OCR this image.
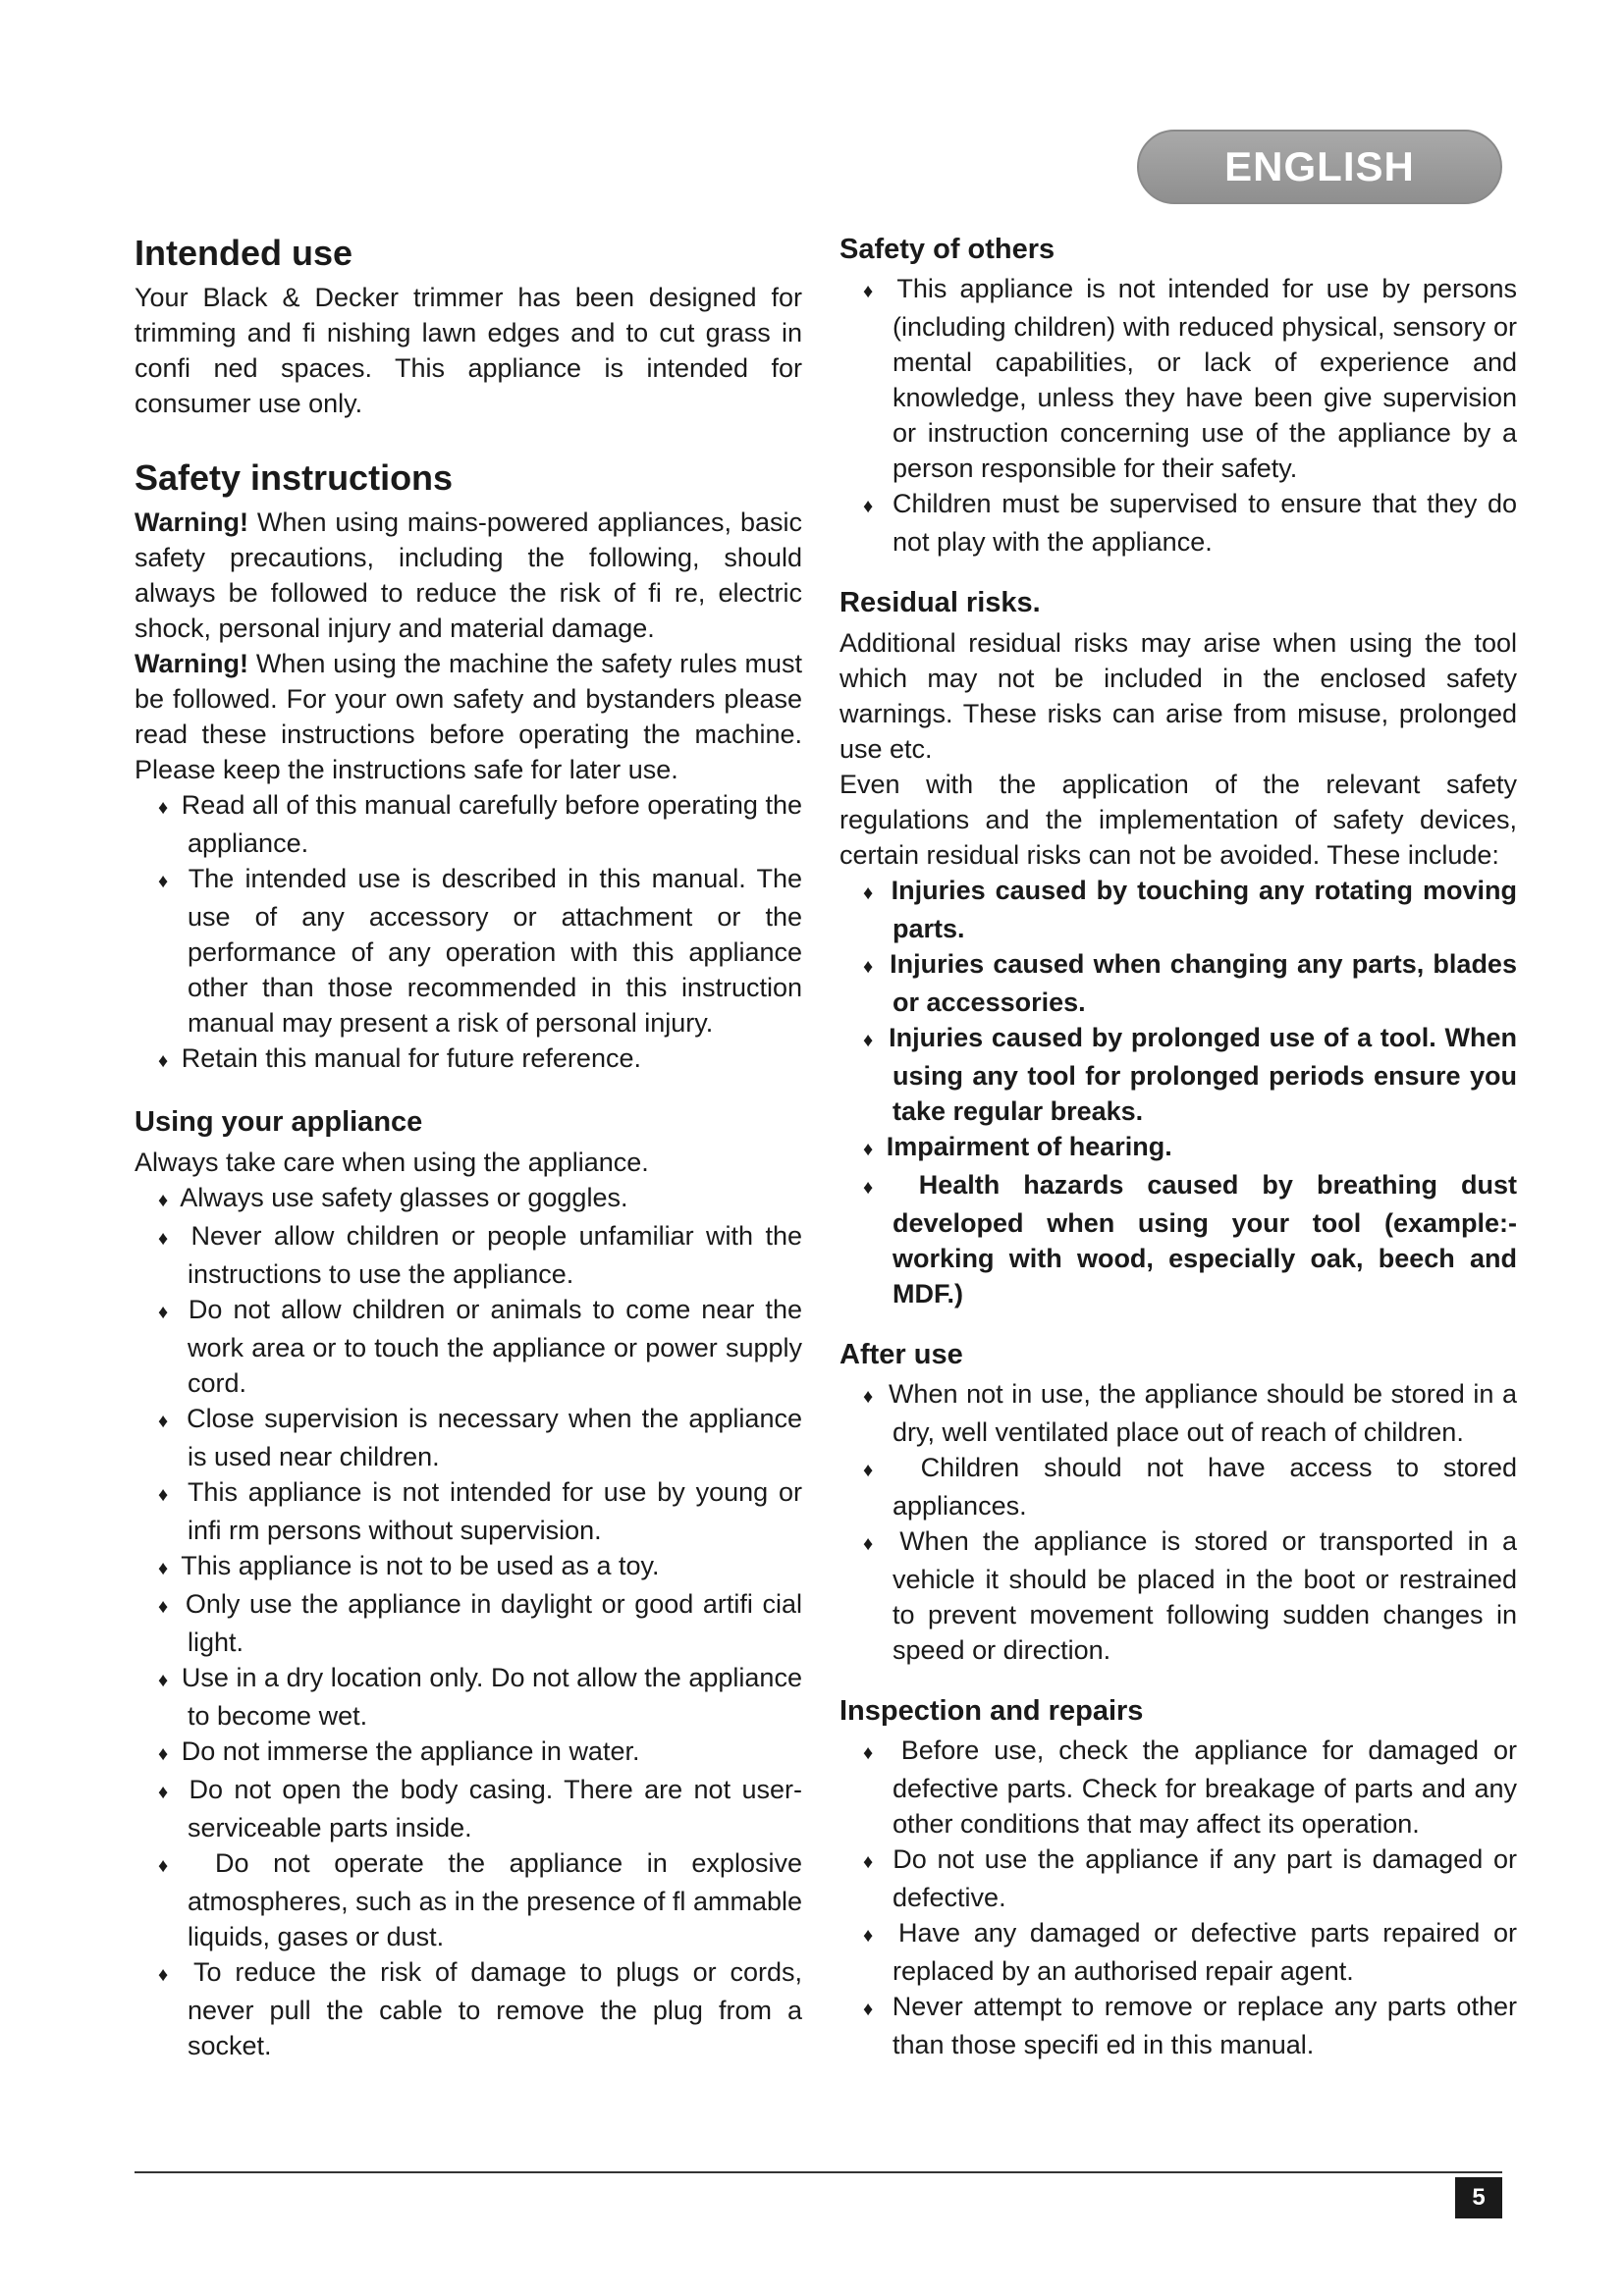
ENGLISH
Intended use

Your Black & Decker trimmer has been designed for trimming and fi nishing lawn edges and to cut grass in confi ned spaces. This appliance is intended for consumer use only.

Safety instructions

Warning! When using mains-powered appliances, basic safety precautions, including the following, should always be followed to reduce the risk of fi re, electric shock, personal injury and material damage.

Warning! When using the machine the safety rules must be followed. For your own safety and bystanders please read these instructions before operating the machine. Please keep the instructions safe for later use.

♦ Read all of this manual carefully before operating the appliance.
♦ The intended use is described in this manual. The use of any accessory or attachment or the performance of any operation with this appliance other than those recommended in this instruction manual may present a risk of personal injury.
♦ Retain this manual for future reference.
Using your appliance

Always take care when using the appliance.

♦ Always use safety glasses or goggles.
♦ Never allow children or people unfamiliar with the instructions to use the appliance.
♦ Do not allow children or animals to come near the work area or to touch the appliance or power supply cord.
♦ Close supervision is necessary when the appliance is used near children.
♦ This appliance is not intended for use by young or infi rm persons without supervision.
♦ This appliance is not to be used as a toy.
♦ Only use the appliance in daylight or good artifi cial light.
♦ Use in a dry location only. Do not allow the appliance to become wet.
♦ Do not immerse the appliance in water.
♦ Do not open the body casing. There are not user-serviceable parts inside.
♦ Do not operate the appliance in explosive atmospheres, such as in the presence of fl ammable liquids, gases or dust.
♦ To reduce the risk of damage to plugs or cords, never pull the cable to remove the plug from a socket.
Safety of others
♦ This appliance is not intended for use by persons (including children) with reduced physical, sensory or mental capabilities, or lack of experience and knowledge, unless they have been give supervision or instruction concerning use of the appliance by a person responsible for their safety.
♦ Children must be supervised to ensure that they do not play with the appliance.
Residual risks.

Additional residual risks may arise when using the tool which may not be included in the enclosed safety warnings. These risks can arise from misuse, prolonged use etc.

Even with the application of the relevant safety regulations and the implementation of safety devices, certain residual risks can not be avoided. These include:

♦ Injuries caused by touching any rotating moving parts.
♦ Injuries caused when changing any parts, blades or accessories.
♦ Injuries caused by prolonged use of a tool. When using any tool for prolonged periods ensure you take regular breaks.
♦ Impairment of hearing.
♦ Health hazards caused by breathing dust developed when using your tool (example:- working with wood, especially oak, beech and MDF.)
After use
♦ When not in use, the appliance should be stored in a dry, well ventilated place out of reach of children.
♦ Children should not have access to stored appliances.
♦ When the appliance is stored or transported in a vehicle it should be placed in the boot or restrained to prevent movement following sudden changes in speed or direction.
Inspection and repairs
♦ Before use, check the appliance for damaged or defective parts. Check for breakage of parts and any other conditions that may affect its operation.
♦ Do not use the appliance if any part is damaged or defective.
♦ Have any damaged or defective parts repaired or replaced by an authorised repair agent.
♦ Never attempt to remove or replace any parts other than those specifi ed in this manual.
5
